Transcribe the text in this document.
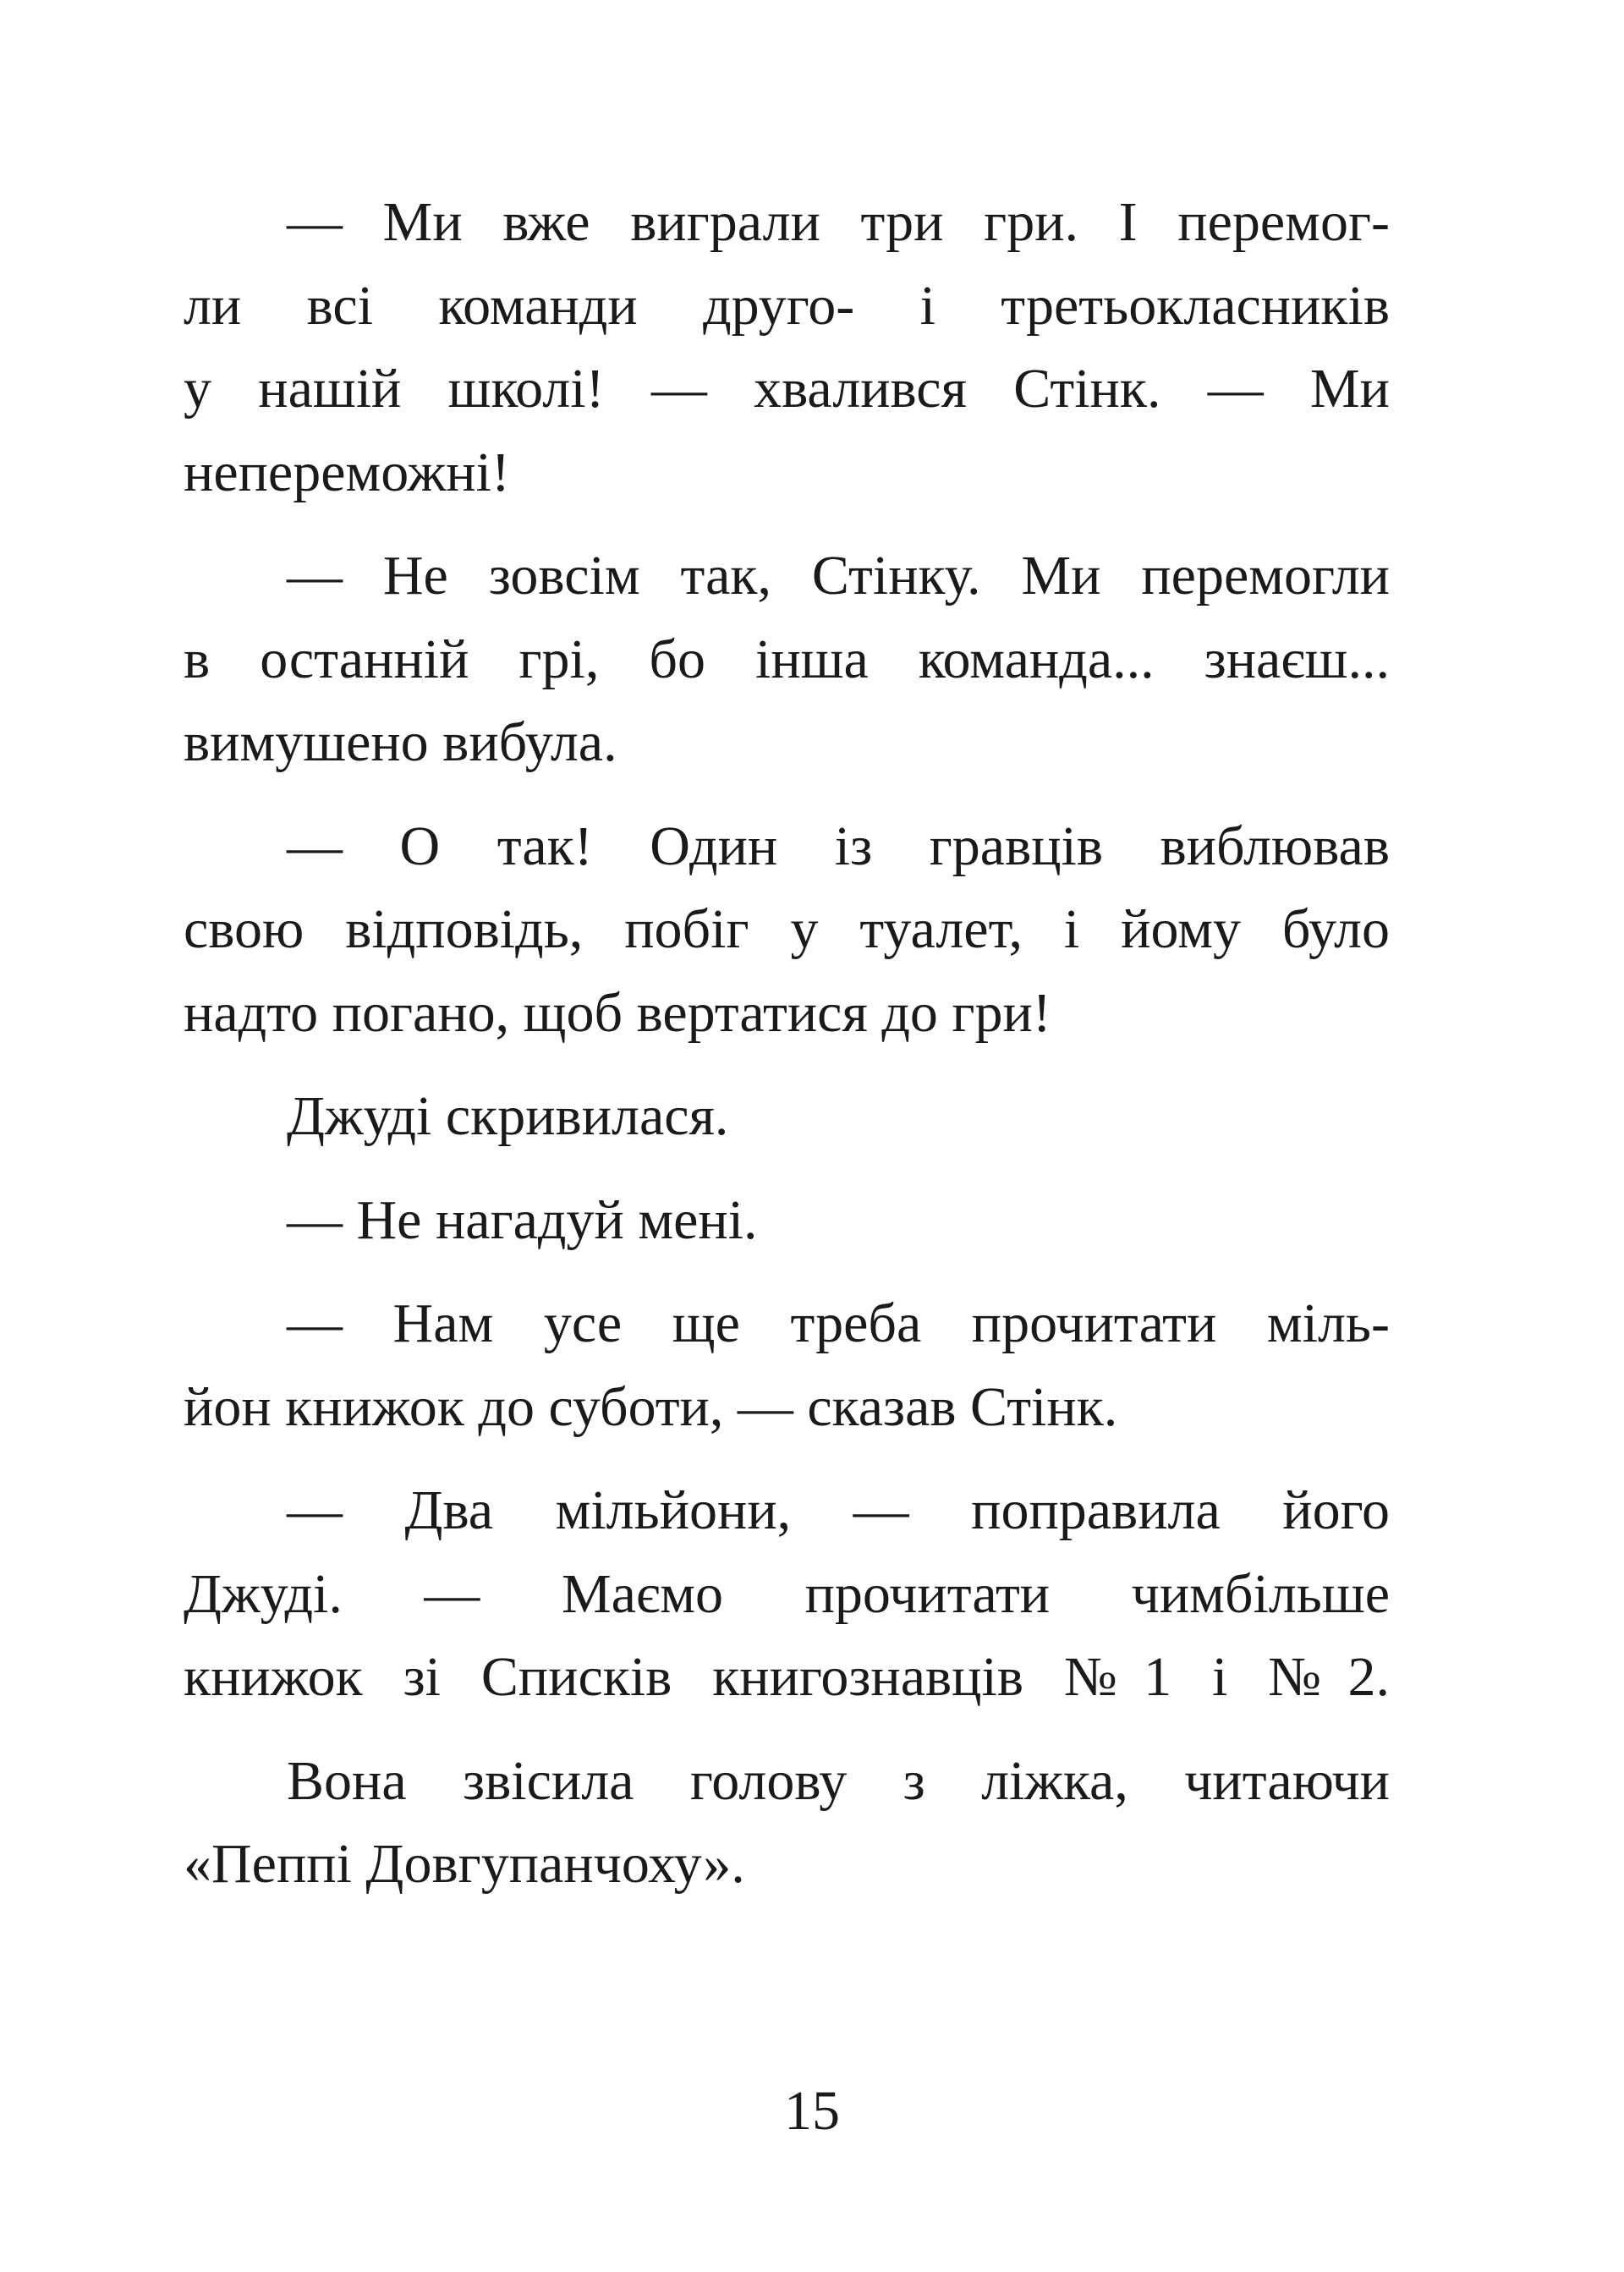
— Ми вже виграли три гри. І перемог-
ли всі команди друго- і третьокласників
у нашій школі! — хвалився Стінк. — Ми
непереможні!

— Не зовсім так, Стінку. Ми перемогли
в останній грі, бо інша команда... знаєш...
вимушено вибула.

— О так! Один із гравців виблював
свою відповідь, побіг у туалет, і йому було
надто погано, щоб вертатися до гри!

Джуді скривилася.

— Не нагадуй мені.

— Нам усе ще треба прочитати міль-
йон книжок до суботи, — сказав Стінк.

— Два мільйони, — поправила його
Джуді. — Маємо прочитати чимбільше
книжок зі Списків книгознавців №1 і №2.

Вона звісила голову з ліжка, читаючи
«Пеппі Довгупанчоху».

15
